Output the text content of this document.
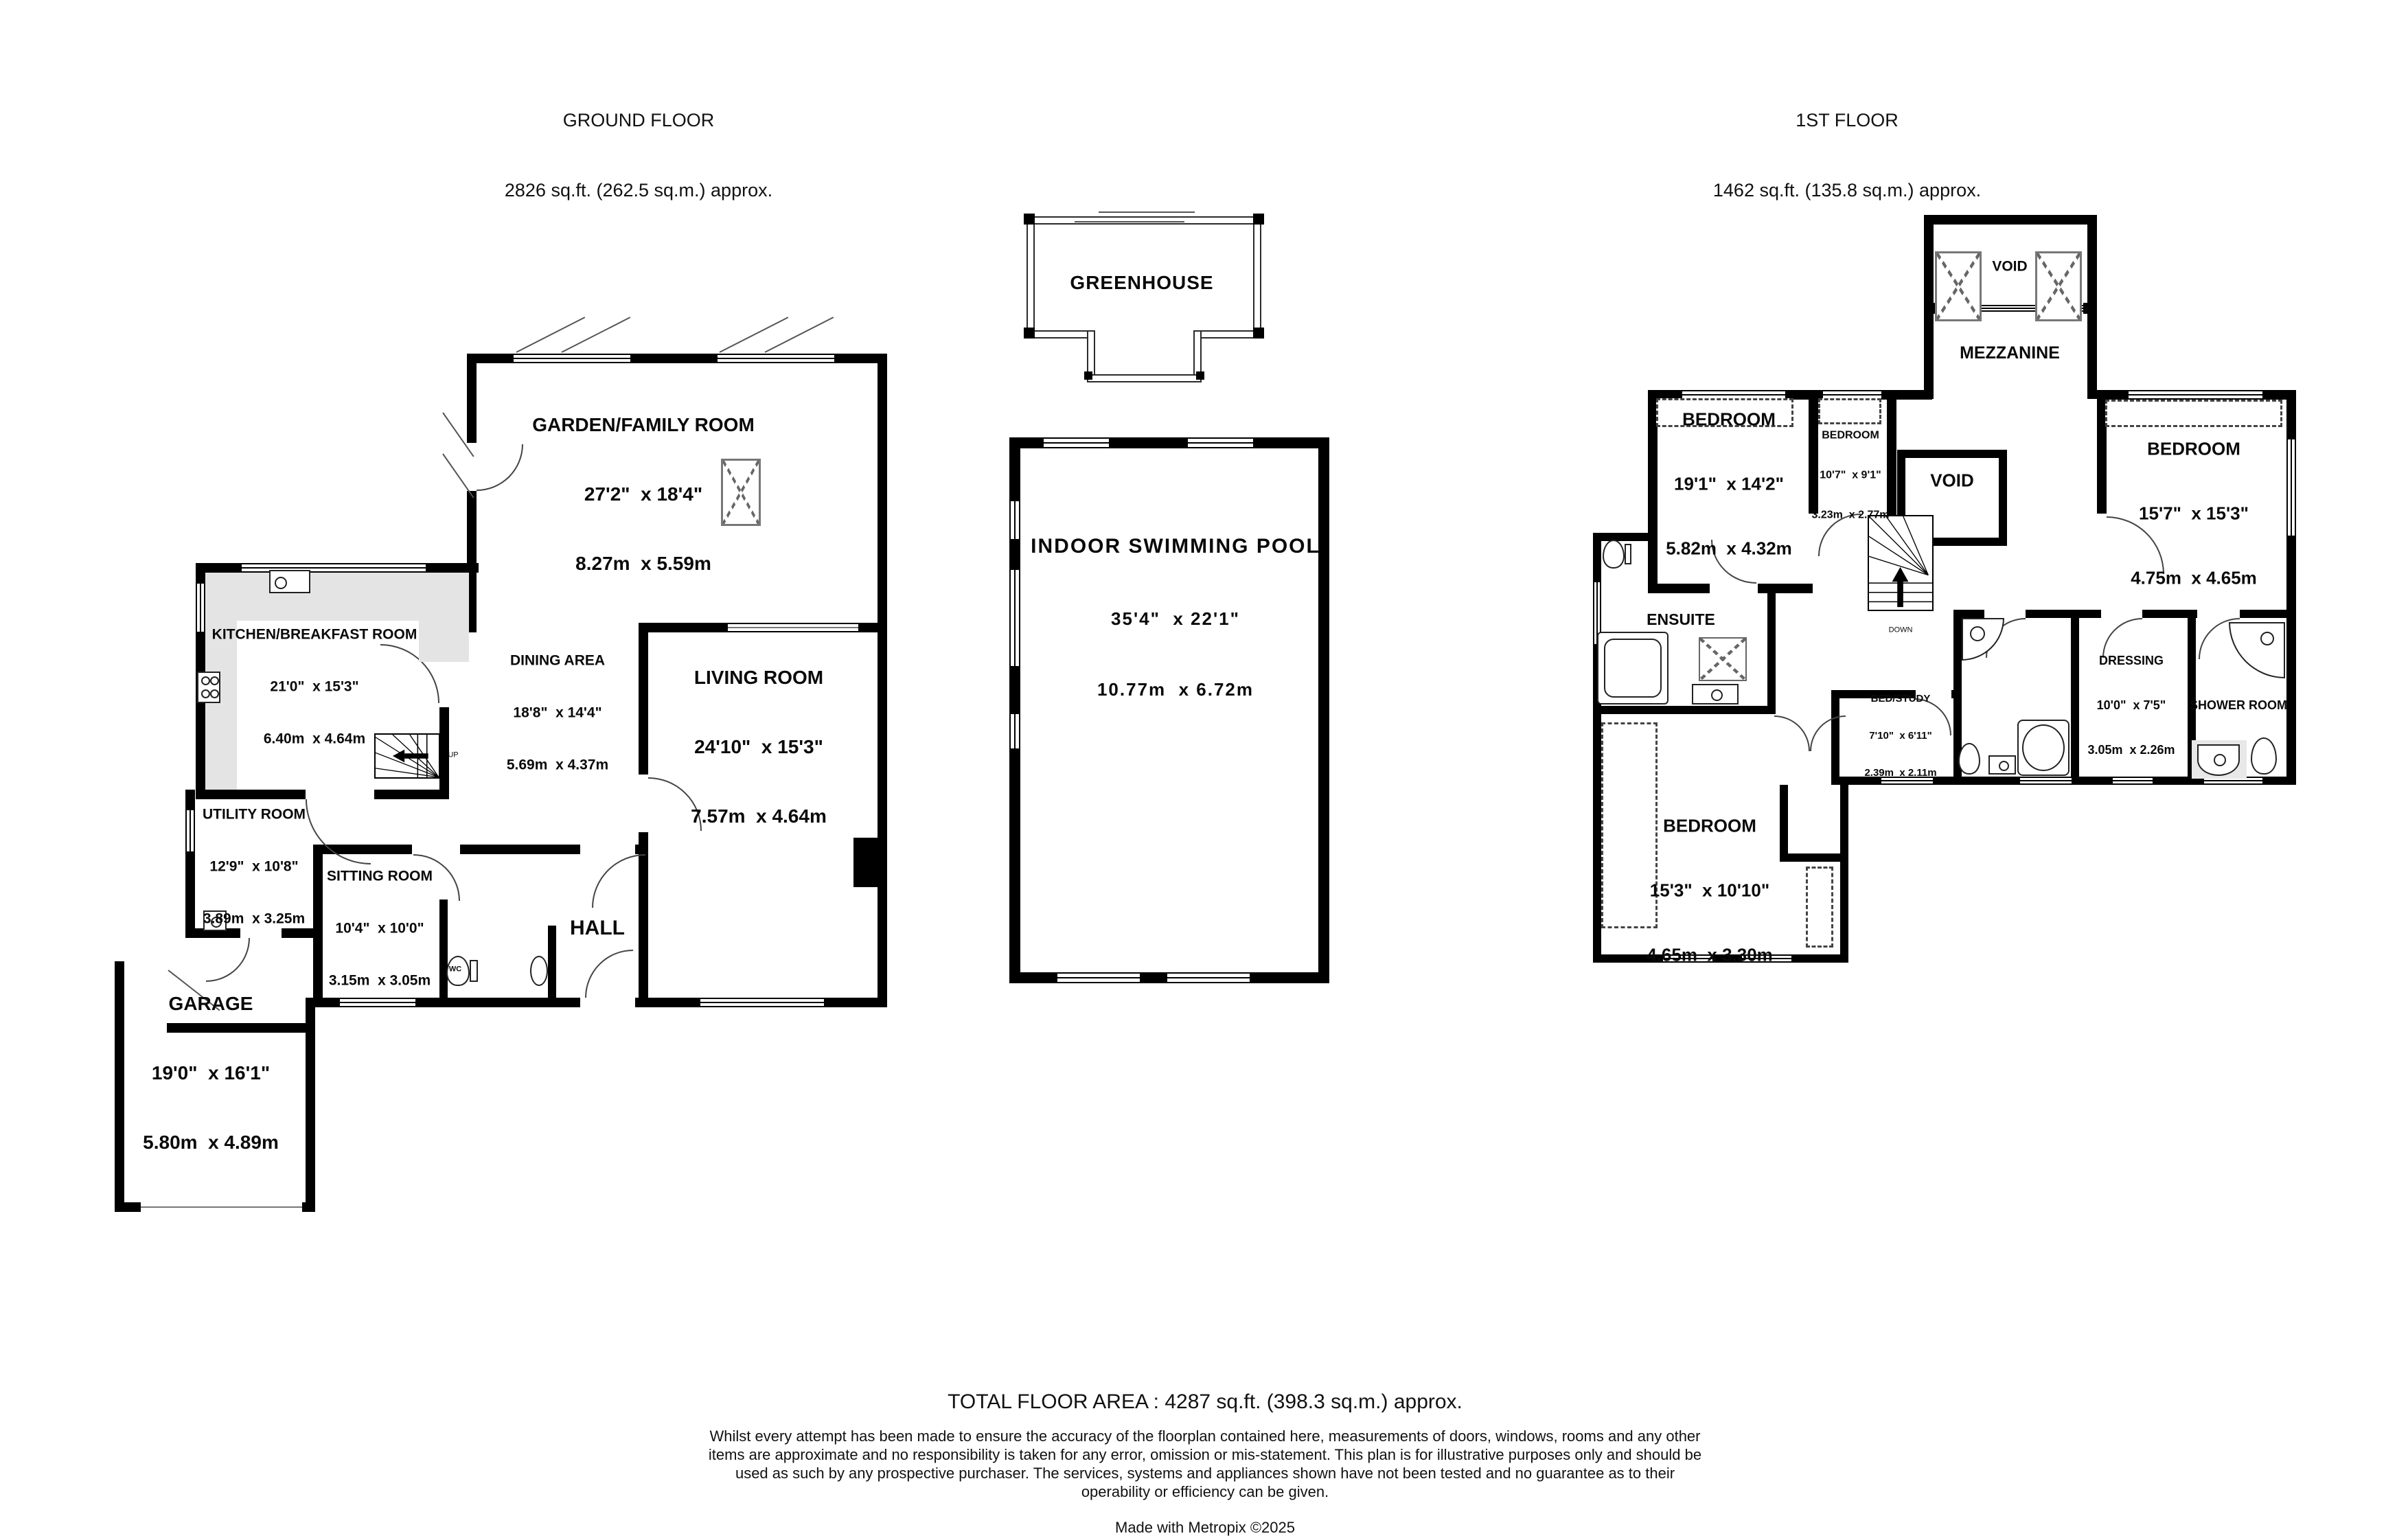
GROUND FLOOR

2826 sq.ft. (262.5 sq.m.) approx.

1ST FLOOR

1462 sq.ft. (135.8 sq.m.) approx.

UP

GARDEN/FAMILY ROOM

27'2"  x 18'4"

8.27m  x 5.59m

KITCHEN/BREAKFAST ROOM

21'0"  x 15'3"

6.40m  x 4.64m

DINING AREA

18'8"  x 14'4"

5.69m  x 4.37m

LIVING ROOM

24'10"  x 15'3"

7.57m  x 4.64m

UTILITY ROOM

12'9"  x 10'8"

3.89m  x 3.25m

SITTING ROOM

10'4"  x 10'0"

3.15m  x 3.05m

HALL
WC

GARAGE

19'0"  x 16'1"

5.80m  x 4.89m

GREENHOUSE

INDOOR SWIMMING POOL

35'4"  x 22'1"

10.77m  x 6.72m

DOWN
VOID
MEZZANINE

BEDROOM

19'1"  x 14'2"

5.82m  x 4.32m

BEDROOM

10'7"  x 9'1"

3.23m  x 2.77m

VOID

BEDROOM

15'7"  x 15'3"

4.75m  x 4.65m

ENSUITE

BED/STUDY

7'10"  x 6'11"

2.39m  x 2.11m

DRESSING

10'0"  x 7'5"

3.05m  x 2.26m

SHOWER ROOM

BEDROOM

15'3"  x 10'10"

4.65m  x 3.30m

TOTAL FLOOR AREA : 4287 sq.ft. (398.3 sq.m.) approx.
Whilst every attempt has been made to ensure the accuracy of the floorplan contained here, measurements of doors, windows, rooms and any other items are approximate and no responsibility is taken for any error, omission or mis-statement. This plan is for illustrative purposes only and should be used as such by any prospective purchaser. The services, systems and appliances shown have not been tested and no guarantee as to their operability or efficiency can be given.
Made with Metropix ©2025
